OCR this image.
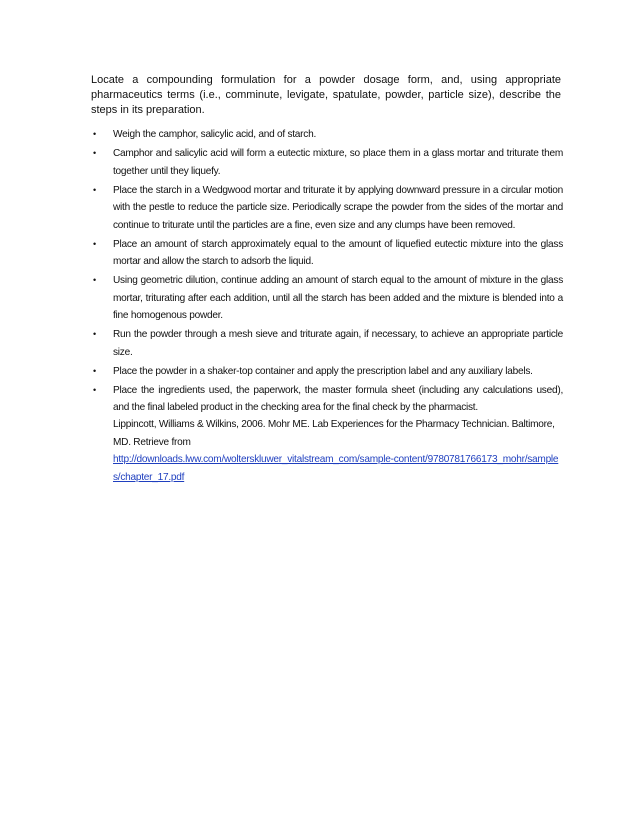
Locate a compounding formulation for a powder dosage form, and, using appropriate pharmaceutics terms (i.e., comminute, levigate, spatulate, powder, particle size), describe the steps in its preparation.

• Weigh the camphor, salicylic acid, and of starch.
• Camphor and salicylic acid will form a eutectic mixture, so place them in a glass mortar and triturate them together until they liquefy.
• Place the starch in a Wedgwood mortar and triturate it by applying downward pressure in a circular motion with the pestle to reduce the particle size. Periodically scrape the powder from the sides of the mortar and continue to triturate until the particles are a fine, even size and any clumps have been removed.
• Place an amount of starch approximately equal to the amount of liquefied eutectic mixture into the glass mortar and allow the starch to adsorb the liquid.
• Using geometric dilution, continue adding an amount of starch equal to the amount of mixture in the glass mortar, triturating after each addition, until all the starch has been added and the mixture is blended into a fine homogenous powder.
• Run the powder through a mesh sieve and triturate again, if necessary, to achieve an appropriate particle size.
• Place the powder in a shaker-top container and apply the prescription label and any auxiliary labels.
• Place the ingredients used, the paperwork, the master formula sheet (including any calculations used), and the final labeled product in the checking area for the final check by the pharmacist.

Lippincott, Williams & Wilkins, 2006. Mohr ME. Lab Experiences for the Pharmacy Technician. Baltimore, MD. Retrieve from

http://downloads.lww.com/wolterskluwer_vitalstream_com/sample-content/9780781766173_mohr/samples/chapter_17.pdf
